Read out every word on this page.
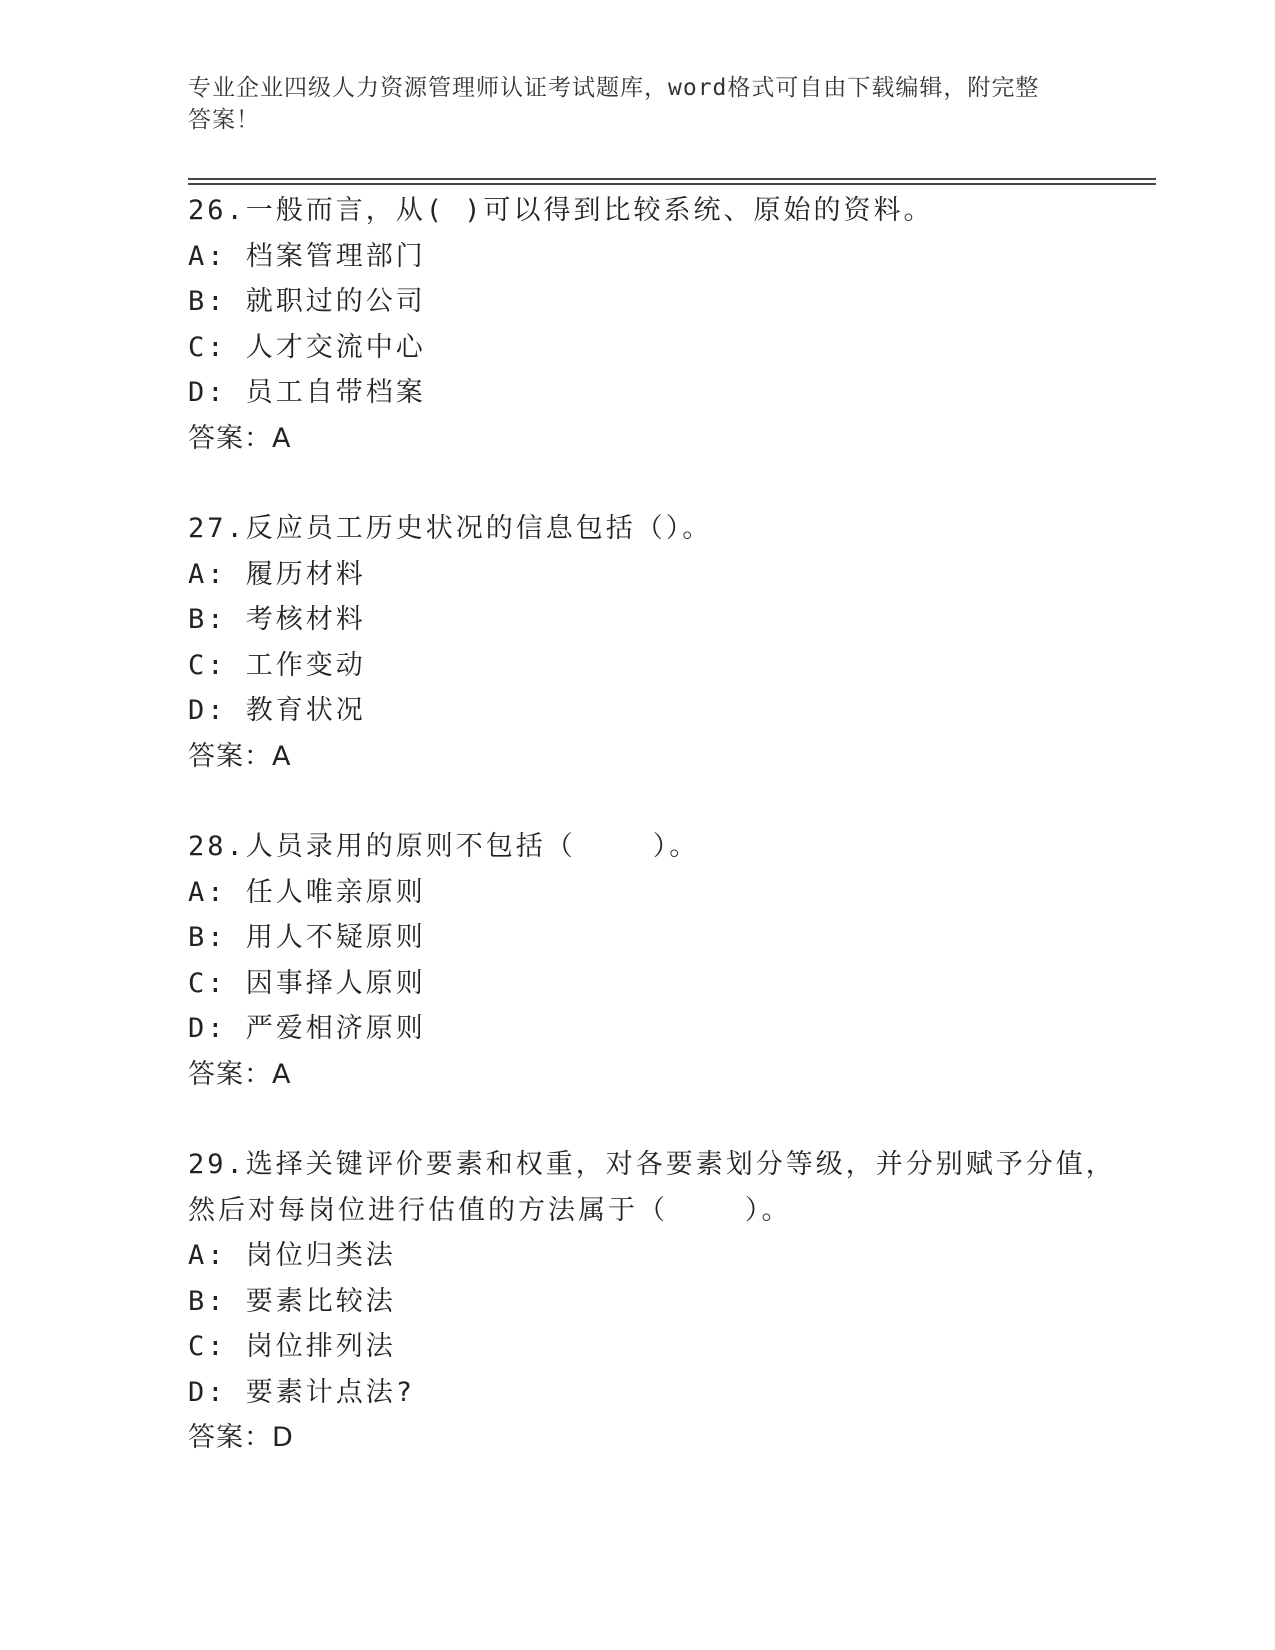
专业企业四级人力资源管理师认证考试题库，word格式可自由下载编辑，附完整
答案！
26.一般而言，从( )可以得到比较系统、原始的资料。
A: 档案管理部门
B: 就职过的公司
C: 人才交流中心
D: 员工自带档案
答案：A
27.反应员工历史状况的信息包括（）。
A: 履历材料
B: 考核材料
C: 工作变动
D: 教育状况
答案：A
28.人员录用的原则不包括（    ）。
A: 任人唯亲原则
B: 用人不疑原则
C: 因事择人原则
D: 严爱相济原则
答案：A
29.选择关键评价要素和权重，对各要素划分等级，并分别赋予分值，
然后对每岗位进行估值的方法属于（    ）。
A: 岗位归类法
B: 要素比较法
C: 岗位排列法
D: 要素计点法?
答案：D
